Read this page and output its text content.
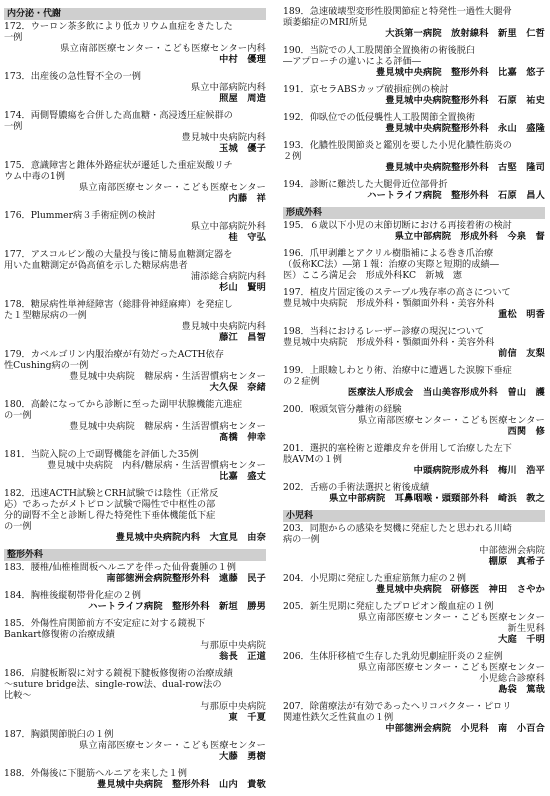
内分泌・代謝
172．ウーロン茶多飲により低カリウム血症をきたした
一例
県立南部医療センター・こども医療センター内科
中村　優理
173．出産後の急性腎不全の一例
県立中部病院内科
照屋　周造
174．両側腎膿瘍を合併した高血糖・高浸透圧症候群の
一例
豊見城中央病院内科
玉城　優子
175．意識障害と錐体外路症状が遷延した重症炭酸リチ
ウム中毒の1例
県立南部医療センター・こども医療センター
内藤　祥
176．Plummer病３手術症例の検討
県立中部病院外科
桂　守弘
177．アスコルビン酸の大量投与後に簡易血糖測定器を
用いた血糖測定が偽高値を示した糖尿病患者
浦添総合病院内科
杉山　賢明
178．糖尿病性単神経障害（総腓骨神経麻痺）を発症し
た１型糖尿病の一例
豊見城中央病院内科
藤江　昌智
179．カベルゴリン内服治療が有効だったACTH依存
性Cushing病の一例
豊見城中央病院　糖尿病・生活習慣病センター
大久保　奈緒
180．高齢になってから診断に至った副甲状腺機能亢進症
の一例
豊見城中央病院　糖尿病・生活習慣病センター
髙橋　伸幸
181．当院入院の上で副腎機能を評価した35例
豊見城中央病院　内科/糖尿病・生活習慣病センター
比嘉　盛丈
182．迅速ACTH試験とCRH試験では陰性（正常反
応）であったがメトピロン試験で陽性で中枢性の部
分的副腎不全と診断し得た特発性下垂体機能低下症
の一例
豊見城中央病院内科　大宜見　由奈
整形外科
183．腰椎/仙椎椎間板ヘルニアを伴った仙骨嚢腫の１例
南部徳洲会病院整形外科　遠藤　民子
184．胸椎後縦靭帯骨化症の２例
ハートライフ病院　整形外科　新垣　勝男
185．外傷性肩関節前方不安定症に対する鏡視下
Bankart修復術の治療成績
与那原中央病院
翁長　正道
186．肩腱板断裂に対する鏡視下腱板修復術の治療成績
～suture bridge法、single-row法、dual-row法の
比較～
与那原中央病院
東　千夏
187．胸鎖関節脱臼の１例
県立南部医療センター・こども医療センター
大藤　勇樹
188．外傷後に下腿筋ヘルニアを来した１例
豊見城中央病院　整形外科　山内　貴敬
189．急速破壊型変形性股関節症と特発性一過性大腿骨
頭萎縮症のMRI所見
大浜第一病院　放射線科　新里　仁哲
190．当院での人工股関節全置換術の術後脱臼
―アプローチの違いによる評価―
豊見城中央病院　整形外科　比嘉　悠子
191．京セラABSカップ破損症例の検討
豊見城中央病院整形外科　石原　祐史
192．仰臥位での低侵襲性人工股関節全置換術
豊見城中央病院整形外科　永山　盛隆
193．化膿性股関節炎と鑑別を要した小児化膿性筋炎の
２例
豊見城中央病院整形外科　古堅　隆司
194．診断に難渋した大腿骨近位部骨折
ハートライフ病院　整形外科　石原　昌人
形成外科
195．６歳以下小児の末節切断における再接着術の検討
県立中部病院　形成外科　今泉　督
196．爪甲剥離とアクリル樹脂補による巻き爪治療
（仮称KC法）―第１報：治療の実際と短期的成績―
医）こころ満足会　形成外科KC　新城　憲
197．植皮片固定後のステープル残存率の高さについて
豊見城中央病院　形成外科・顎顔面外科・美容外科
重松　明香
198．当科におけるレーザー診療の現況について
豊見城中央病院　形成外科・顎顔面外科・美容外科
前信　友梨
199．上眼瞼しわとり術、治療中に遭遇した涙腺下垂症
の２症例
医療法人形成会　当山美容形成外科　曽山　護
200．喉頭気管分離術の経験
県立南部医療センター・こども医療センター
西関　修
201．選択的塞栓術と遊離皮弁を併用して治療した左下
肢AVMの１例
中頭病院形成外科　梅川　浩平
202．舌癌の手術法選択と術後成績
県立中部病院　耳鼻咽喉・頭頸部外科　崎浜　教之
小児科
203．同胞からの感染を契機に発症したと思われる川崎
病の一例
中部徳洲会病院
棚原　真希子
204．小児期に発症した重症筋無力症の２例
豊見城中央病院　研修医　神田　さやか
205．新生児期に発症したプロピオン酸血症の１例
県立南部医療センター・こども医療センター
新生児科
大庭　千明
206．生体肝移植で生存した乳幼児劇症肝炎の２症例
県立南部医療センター・こども医療センター
小児総合診療科
島袋　篤哉
207．除菌療法が有効であったヘリコバクター・ピロリ
関連性鉄欠乏性貧血の１例
中部徳洲会病院　小児科　南　小百合
